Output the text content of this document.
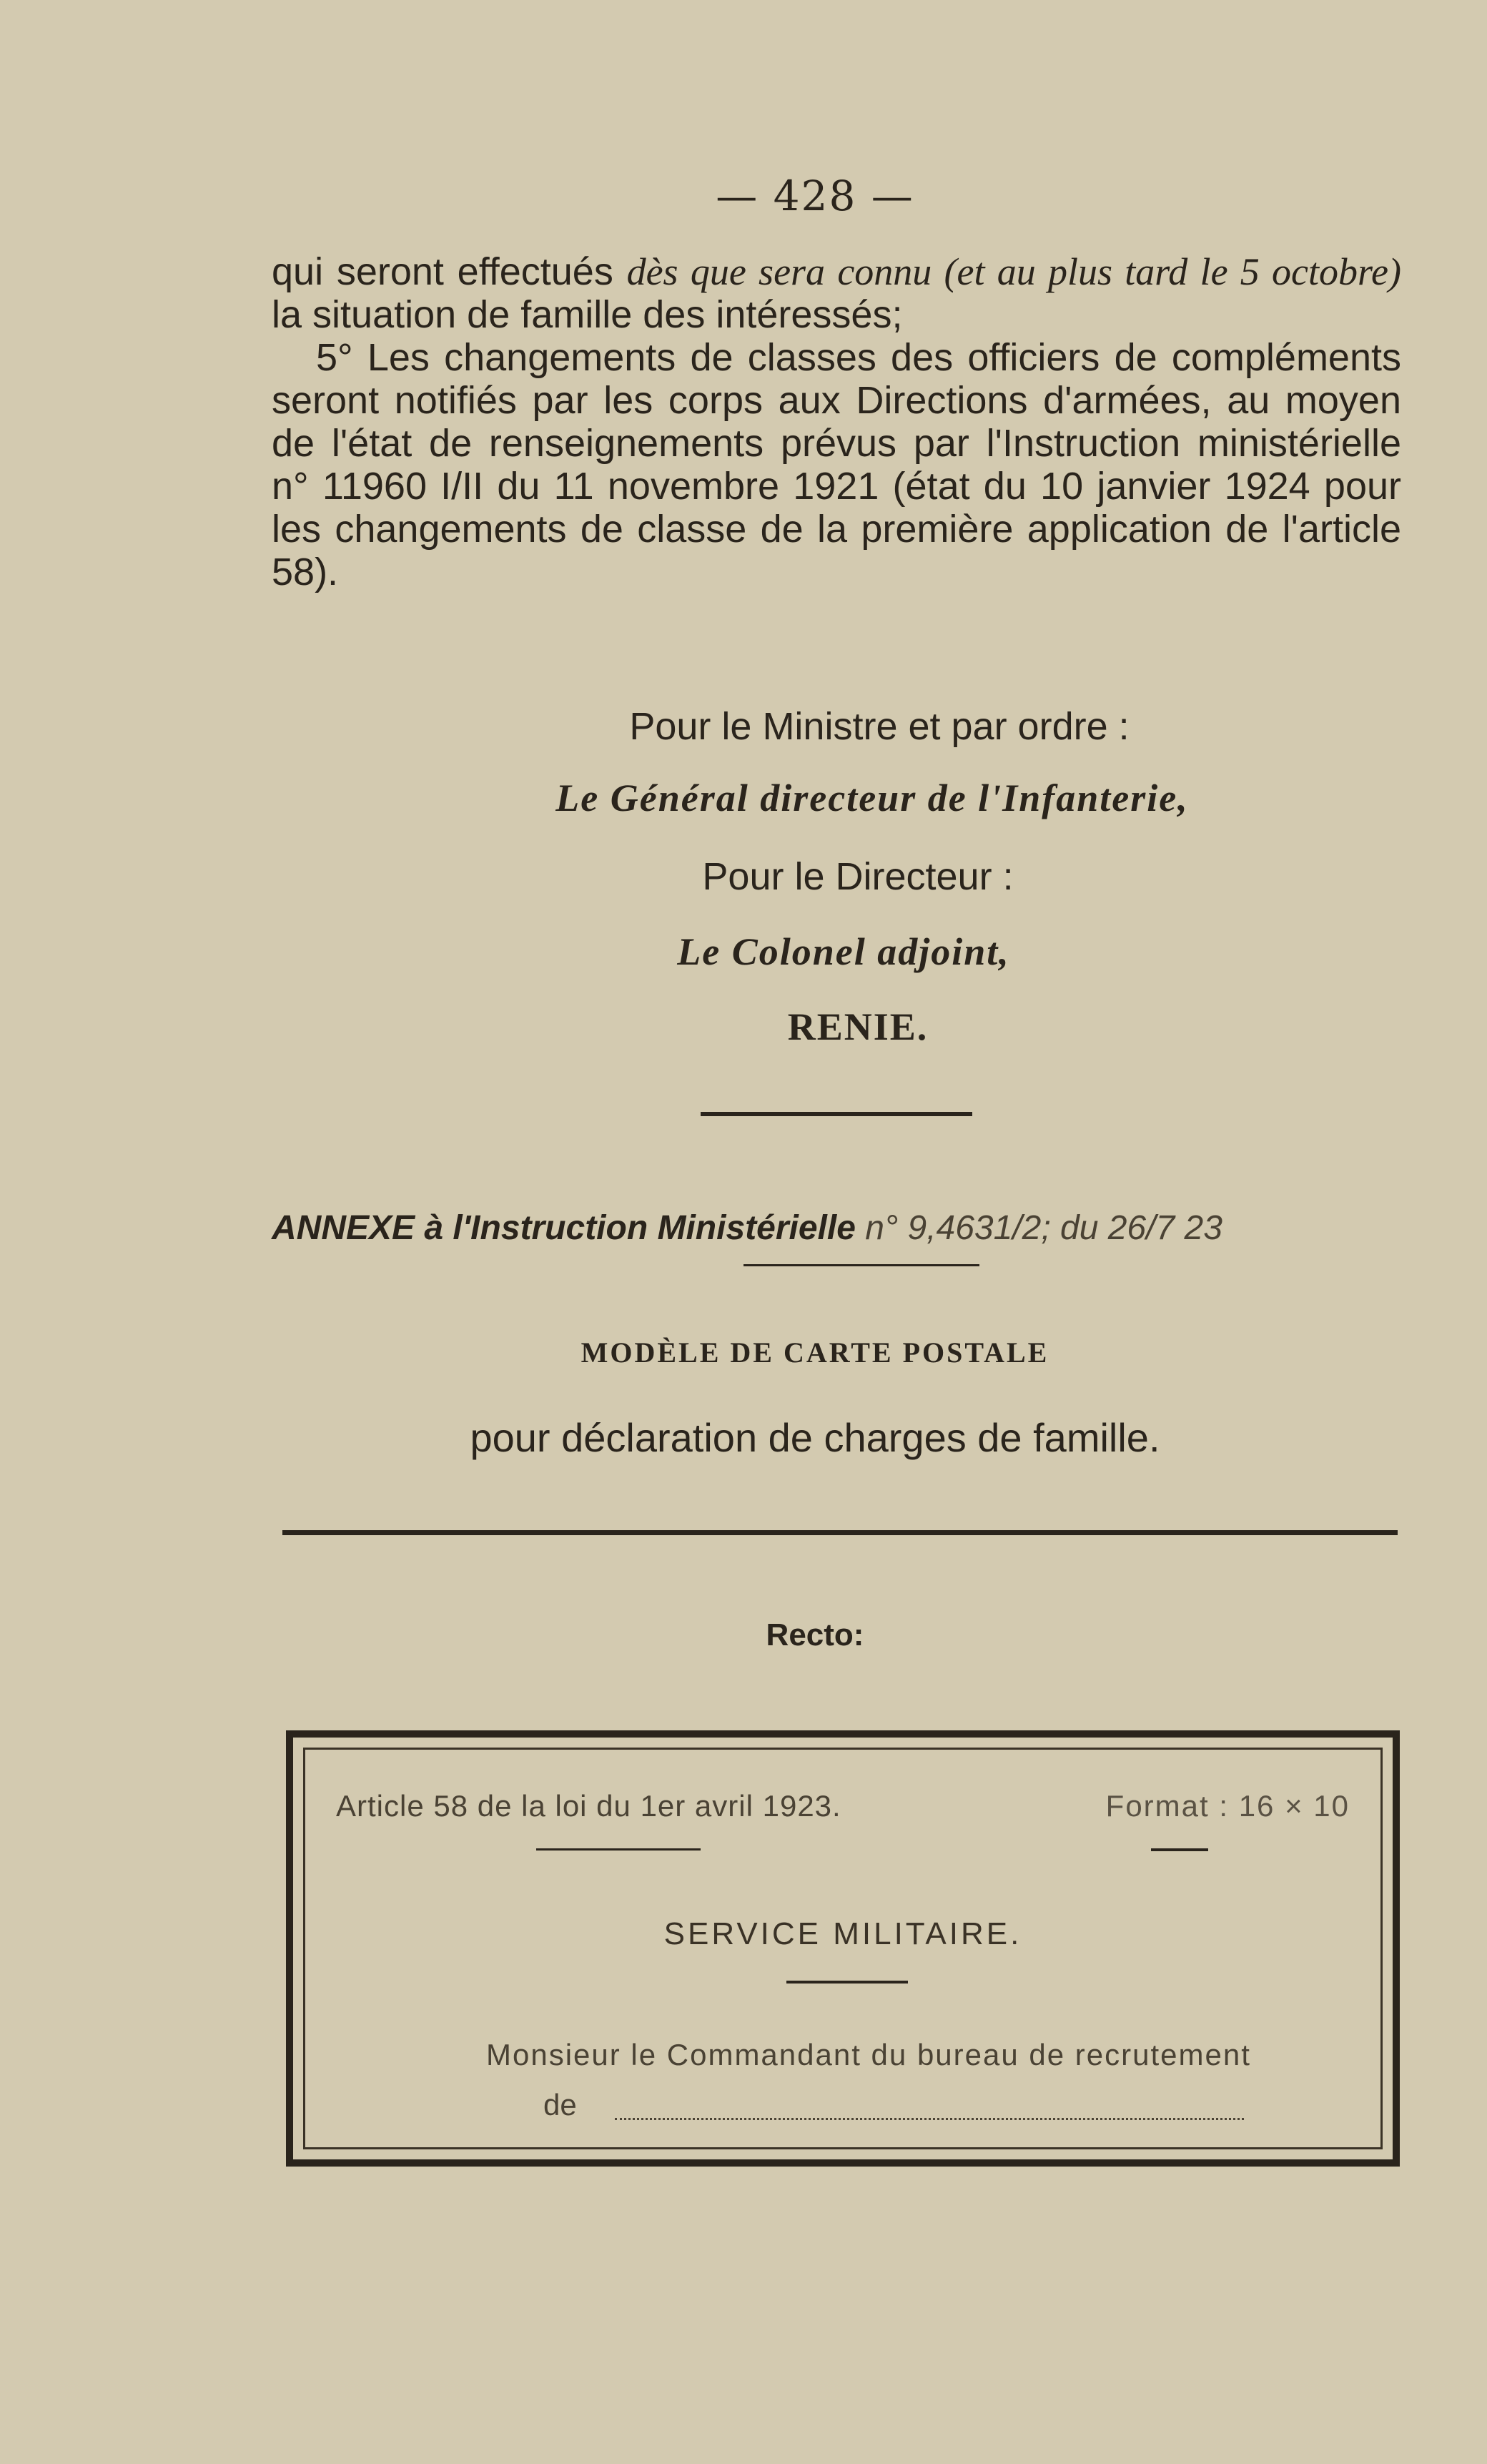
— 428 —

qui seront effectués dès que sera connu (et au plus tard le 5 octobre) la situation de famille des intéressés;

5° Les changements de classes des officiers de compléments seront notifiés par les corps aux Directions d'armées, au moyen de l'état de renseignements prévus par l'Instruction ministérielle n° 11960 I/II du 11 novembre 1921 (état du 10 janvier 1924 pour les changements de classe de la première application de l'article 58).

Pour le Ministre et par ordre :
Le Général directeur de l'Infanterie,
Pour le Directeur :
Le Colonel adjoint,
RENIE.
ANNEXE à l'Instruction Ministérielle n° 9,4631/2; du 26/7 23
MODÈLE DE CARTE POSTALE
pour déclaration de charges de famille.
Recto:
Article 58 de la loi du 1er avril 1923.	Format : 16 × 10
SERVICE MILITAIRE.
Monsieur le Commandant du bureau de recrutement
de
